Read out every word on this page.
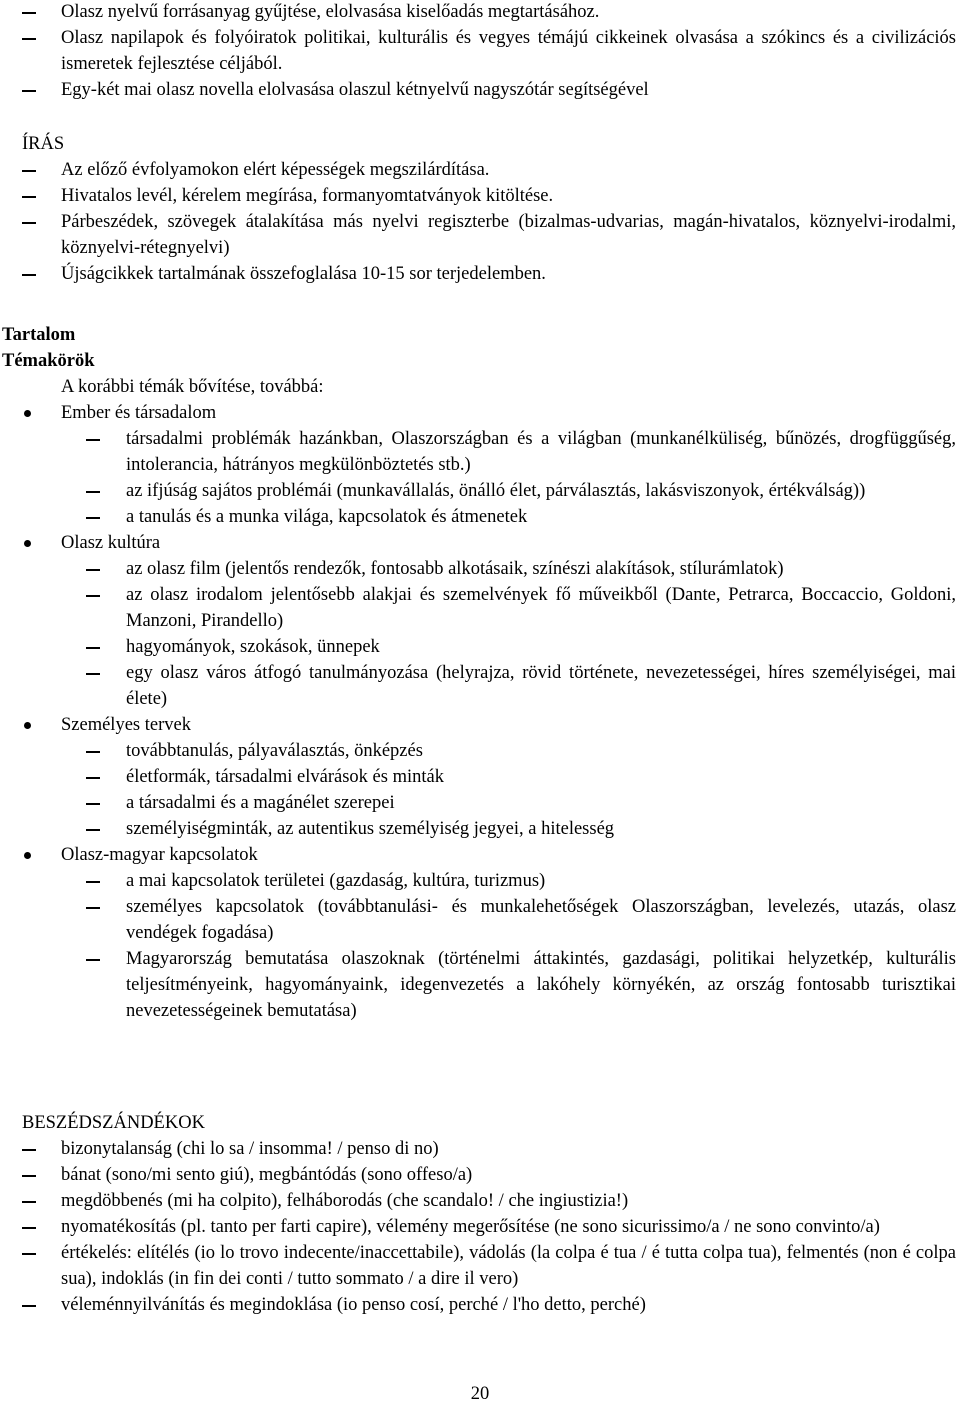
Olasz nyelvű forrásanyag gyűjtése, elolvasása kiselőadás megtartásához.
Olasz napilapok és folyóiratok politikai, kulturális és vegyes témájú cikkeinek olvasása a szókincs és a civilizációs ismeretek fejlesztése céljából.
Egy-két mai olasz novella elolvasása olaszul kétnyelvű nagyszótár segítségével
ÍRÁS
Az előző évfolyamokon elért képességek megszilárdítása.
Hivatalos levél, kérelem megírása, formanyomtatványok kitöltése.
Párbeszédek, szövegek átalakítása más nyelvi regiszterbe (bizalmas-udvarias, magán-hivatalos, köznyelvi-irodalmi, köznyelvi-rétegnyelvi)
Újságcikkek tartalmának összefoglalása 10-15 sor terjedelemben.
Tartalom
Témakörök
A korábbi témák bővítése, továbbá:
Ember és társadalom
társadalmi problémák hazánkban, Olaszországban és a világban (munkanélküliség, bűnözés, drogfüggűség, intolerancia, hátrányos megkülönböztetés stb.)
az ifjúság sajátos problémái (munkavállalás, önálló élet, párválasztás, lakásviszonyok, értékválság))
a tanulás és a munka világa, kapcsolatok és átmenetek
Olasz kultúra
az olasz film (jelentős rendezők, fontosabb alkotásaik, színészi alakítások, stílurámlatok)
az olasz irodalom jelentősebb alakjai és szemelvények fő műveikből (Dante, Petrarca, Boccaccio, Goldoni, Manzoni, Pirandello)
hagyományok, szokások, ünnepek
egy olasz város átfogó tanulmányozása (helyrajza, rövid története, nevezetességei, híres személyiségei, mai élete)
Személyes tervek
továbbtanulás, pályaválasztás, önképzés
életformák, társadalmi elvárások és minták
a társadalmi és a magánélet szerepei
személyiségminták, az autentikus személyiség jegyei, a hitelesség
Olasz-magyar kapcsolatok
a mai kapcsolatok területei (gazdaság, kultúra, turizmus)
személyes kapcsolatok (továbbtanulási- és munkalehetőségek Olaszországban, levelezés, utazás, olasz vendégek fogadása)
Magyarország bemutatása olaszoknak (történelmi áttakintés, gazdasági, politikai helyzetkép, kulturális teljesítményeink, hagyományaink, idegenvezetés a lakóhely környékén, az ország fontosabb turisztikai nevezetességeinek bemutatása)
BESZÉDSZÁNDÉKOK
bizonytalanság (chi lo sa / insomma! / penso di no)
bánat (sono/mi sento giú), megbántódás (sono offeso/a)
megdöbbenés (mi ha colpito), felháborodás (che scandalo! / che ingiustizia!)
nyomatékosítás (pl. tanto per farti capire), vélemény megerősítése (ne sono sicurissimo/a / ne sono convinto/a)
értékelés: elítélés (io lo trovo indecente/inaccettabile), vádolás (la colpa é tua / é tutta colpa tua), felmentés (non é colpa sua), indoklás (in fin dei conti / tutto sommato / a dire il vero)
véleménnyilvánítás és megindoklása (io penso cosí, perché / l'ho detto, perché)
20
